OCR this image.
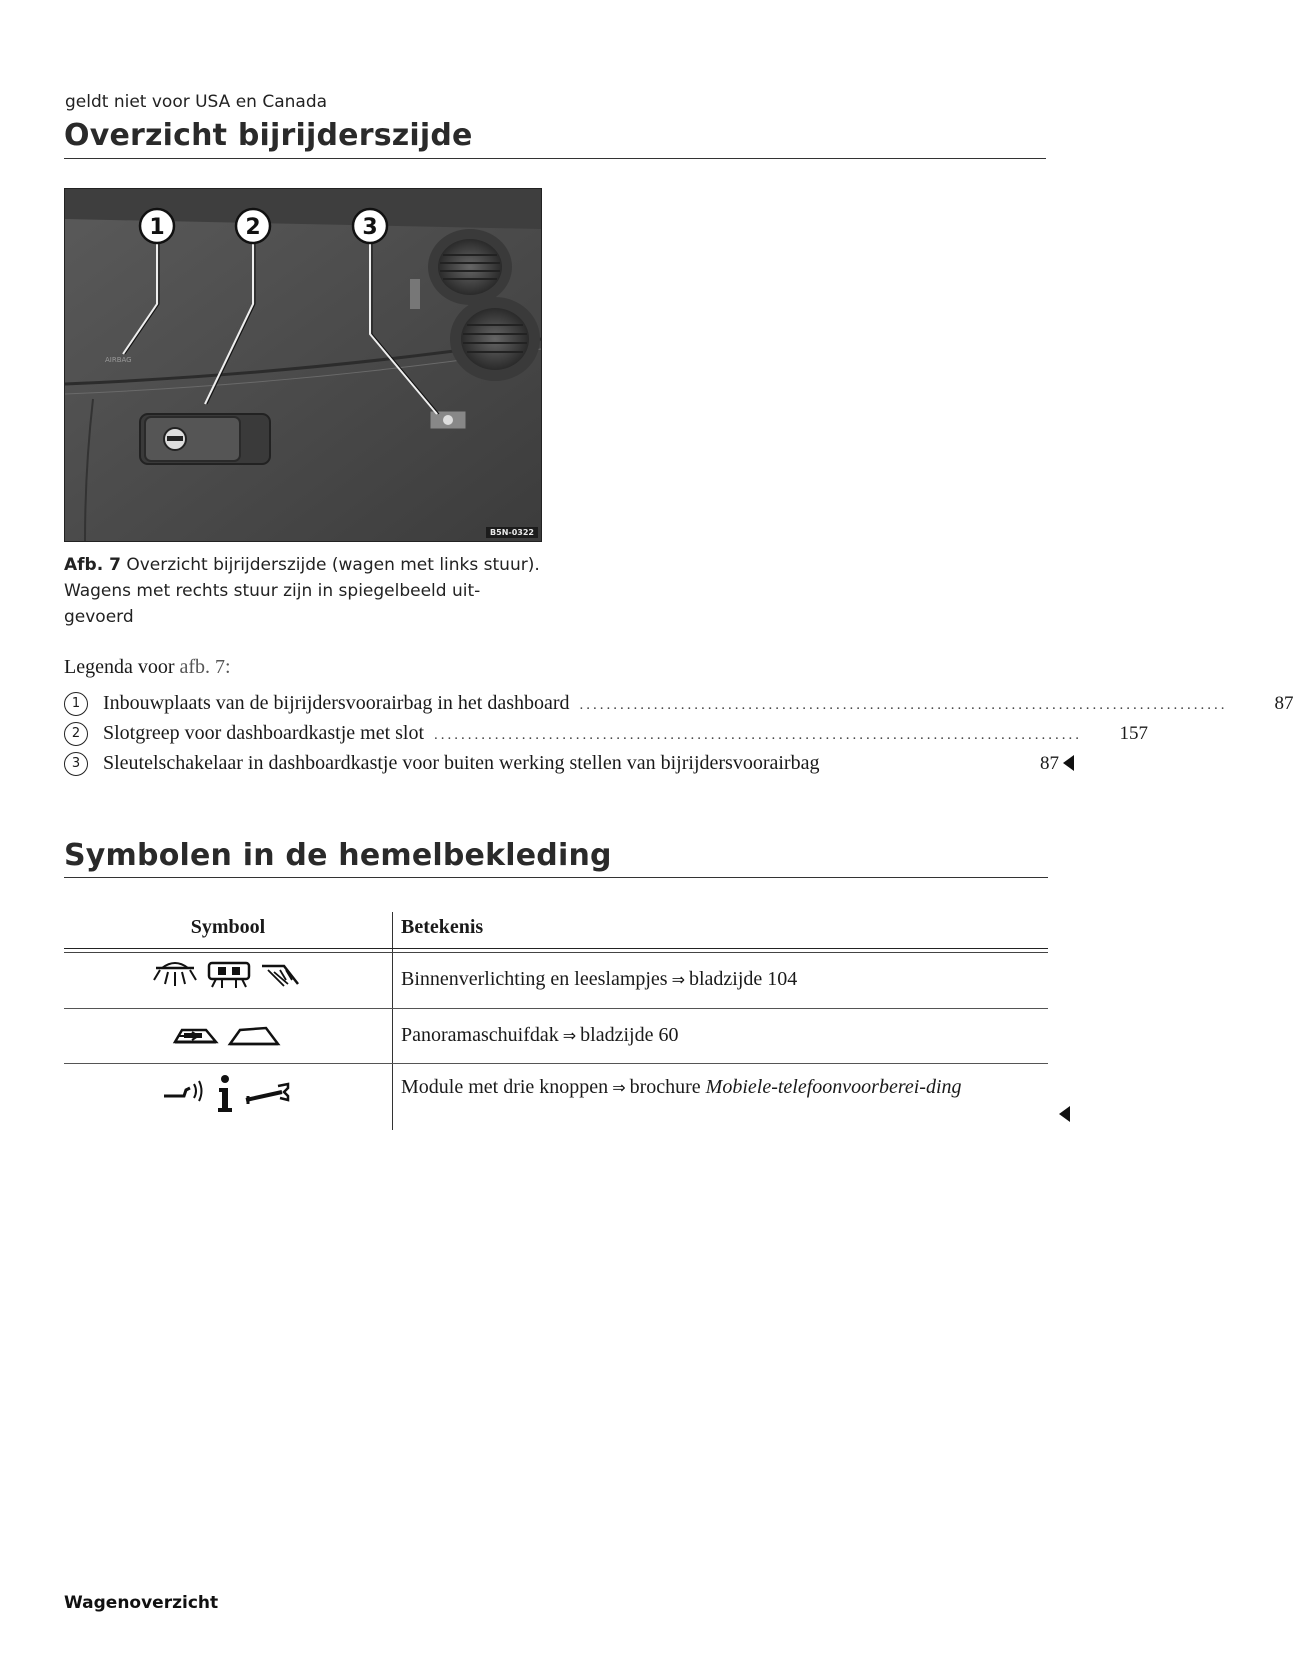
geldt niet voor USA en Canada
Overzicht bijrijderszijde
AIRBAG
1	2	3
B5N-0322
Afb. 7 Overzicht bijrijderszijde (wagen met links stuur). Wagens met rechts stuur zijn in spiegelbeeld uit-gevoerd
Legenda voor afb. 7:
1	Inbouwplaats van de bijrijdersvoorairbag in het dashboard ................................................................................................	87
2	Slotgreep voor dashboardkastje met slot ................................................................................................	157
3	Sleutelschakelaar in dashboardkastje voor buiten werking stellen van bijrijdersvoorairbag	87
Symbolen in de hemelbekleding
Symbool	Betekenis
Binnenverlichting en leeslampjes ⇒ bladzijde 104
Panoramaschuifdak ⇒ bladzijde 60
Module met drie knoppen ⇒ brochure Mobiele-telefoonvoorberei-ding
Wagenoverzicht
